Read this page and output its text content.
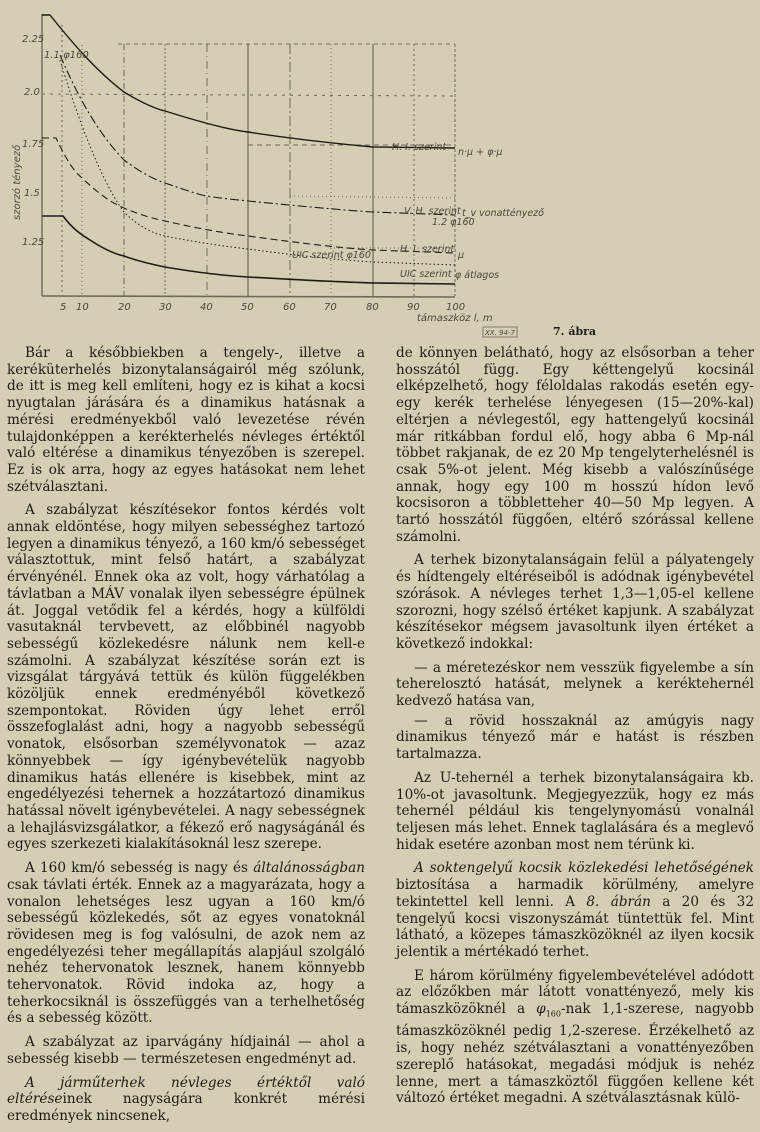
2.25
2.0
1.75
1.5
1.25
szorzó tényező
1.1 φ160
5 10	20	30	40	50	60	70	80	90	100
támaszköz l, m
H. I. szerint n·μ + φ·μ
V. H. szerint t_v vonattényező
1.2 φ160
H. I. szerint
μ
UIC szerint φ160
UIC szerint φ átlagos
XX. 94-7	7. ábra

Bár a későbbiekben a tengely-, illetve a keréküterhelés bizonytalanságairól még szólunk, de itt is meg kell említeni, hogy ez is kihat a kocsi nyugtalan járására és a dinamikus hatásnak a mérési eredményekből való levezetése révén tulajdonképpen a kerékterhelés névleges értéktől való eltérése a dinamikus tényezőben is szerepel. Ez is ok arra, hogy az egyes hatásokat nem lehet szétválasztani.

A szabályzat készítésekor fontos kérdés volt annak eldöntése, hogy milyen sebességhez tartozó legyen a dinamikus tényező, a 160 km/ó sebességet választottuk, mint felső határt, a szabályzat érvényénél. Ennek oka az volt, hogy várhatólag a távlatban a MÁV vonalak ilyen sebességre épülnek át. Joggal vetődik fel a kérdés, hogy a külföldi vasutaknál tervbevett, az előbbinél nagyobb sebességű közlekedésre nálunk nem kell-e számolni. A szabályzat készítése során ezt is vizsgálat tárgyává tettük és külön függelékben közöljük ennek eredményéből következő szempontokat. Röviden úgy lehet erről összefoglalást adni, hogy a nagyobb sebességű vonatok, elsősorban személyvonatok — azaz könnyebbek — így igénybevételük nagyobb dinamikus hatás ellenére is kisebbek, mint az engedélyezési tehernek a hozzátartozó dinamikus hatással növelt igénybevételei. A nagy sebességnek a lehajlásvizsgálatkor, a fékező erő nagyságánál és egyes szerkezeti kialakításoknál lesz szerepe.

A 160 km/ó sebesség is nagy és általánosságban csak távlati érték. Ennek az a magyarázata, hogy a vonalon lehetséges lesz ugyan a 160 km/ó sebességű közlekedés, sőt az egyes vonatoknál rövidesen meg is fog valósulni, de azok nem az engedélyezési teher megállapítás alapjául szolgáló nehéz tehervonatok lesznek, hanem könnyebb tehervonatok. Rövid indoka az, hogy a teherkocsiknál is összefüggés van a terhelhetőség és a sebesség között.

A szabályzat az iparvágány hídjainál — ahol a sebesség kisebb — természetesen engedményt ad.

A járműterhek névleges értéktől való eltéréseinek nagyságára konkrét mérési eredmények nincsenek,

de könnyen belátható, hogy az elsősorban a teher hosszától függ. Egy kéttengelyű kocsinál elképzelhető, hogy féloldalas rakodás esetén egy-egy kerék terhelése lényegesen (15—20%-kal) eltérjen a névlegestől, egy hattengelyű kocsinál már ritkábban fordul elő, hogy abba 6 Mp-nál többet rakjanak, de ez 20 Mp tengelyterhelésnél is csak 5%-ot jelent. Még kisebb a valószínűsége annak, hogy egy 100 m hosszú hídon levő kocsisoron a többletteher 40—50 Mp legyen. A tartó hosszától függően, eltérő szórással kellene számolni.

A terhek bizonytalanságain felül a pályatengely és hídtengely eltéréseiből is adódnak igénybevétel szórások. A névleges terhet 1,3—1,05-el kellene szorozni, hogy szélső értéket kapjunk. A szabályzat készítésekor mégsem javasoltunk ilyen értéket a következő indokkal:

— a méretezéskor nem vesszük figyelembe a sín teherelosztó hatását, melynek a keréktehernél kedvező hatása van,

— a rövid hosszaknál az amúgyis nagy dinamikus tényező már e hatást is részben tartalmazza.

Az U-tehernél a terhek bizonytalanságaira kb. 10%-ot javasoltunk. Megjegyezzük, hogy ez más tehernél például kis tengelynyomású vonalnál teljesen más lehet. Ennek taglalására és a meglevő hidak esetére azonban most nem térünk ki.

A soktengelyű kocsik közlekedési lehetőségének biztosítása a harmadik körülmény, amelyre tekintettel kell lenni. A 8. ábrán a 20 és 32 tengelyű kocsi viszonyszámát tüntettük fel. Mint látható, a közepes támaszközöknél az ilyen kocsik jelentik a mértékadó terhet.

E három körülmény figyelembevételével adódott az előzőkben már látott vonattényező, mely kis támaszközöknél a $\varphi_{160}$-nak 1,1-szerese, nagyobb támaszközöknél pedig 1,2-szerese. Érzékelhető az is, hogy nehéz szétválasztani a vonattényezőben szereplő hatásokat, megadási módjuk is nehéz lenne, mert a támaszköztől függően kellene két változó értéket megadni. A szétválasztásnak külö-
